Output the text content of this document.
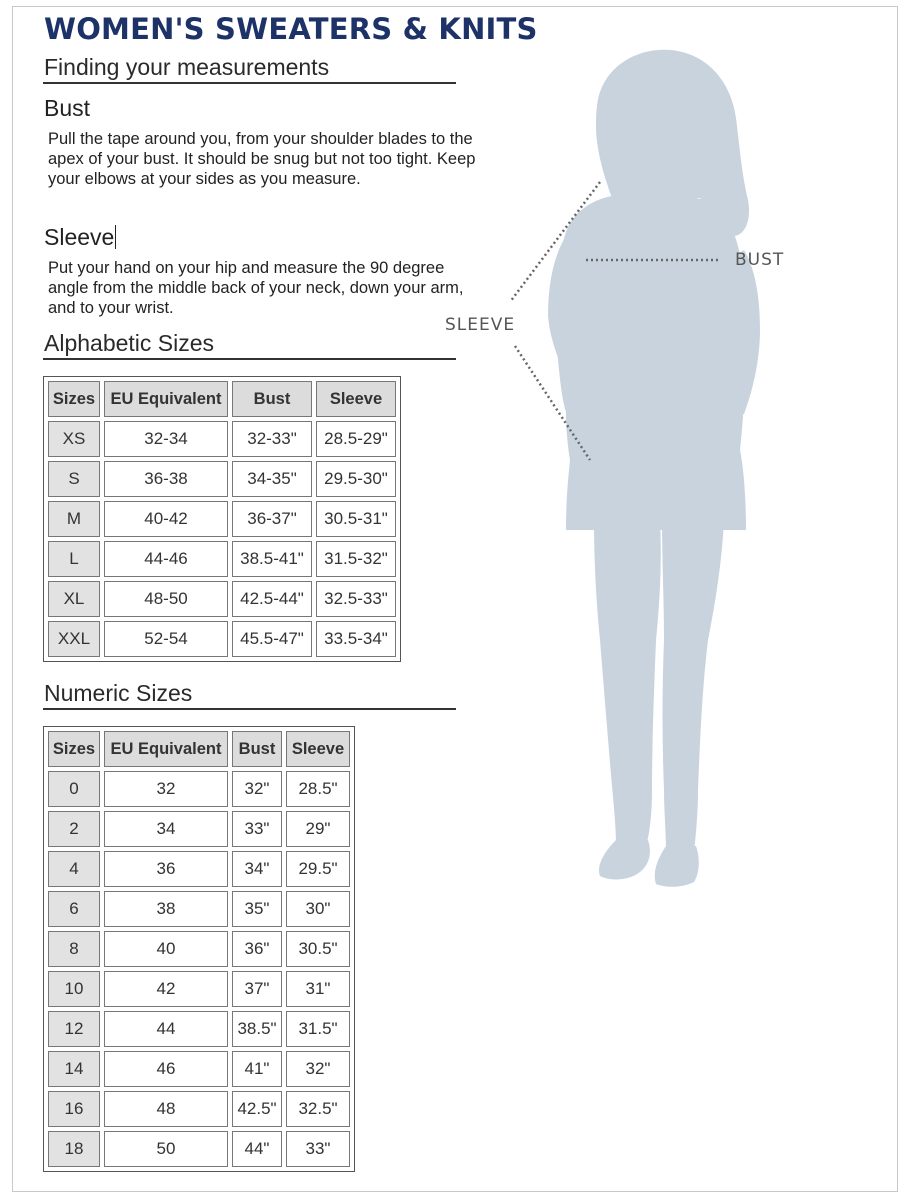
WOMEN'S SWEATERS & KNITS
Finding your measurements
Bust
Pull the tape around you, from your shoulder blades to the apex of your bust. It should be snug but not too tight. Keep your elbows at your sides as you measure.
Sleeve
Put your hand on your hip and measure the 90 degree angle from the middle back of your neck, down your arm, and to your wrist.
Alphabetic Sizes
Sizes	EU Equivalent	Bust	Sleeve
XS	32-34	32-33"	28.5-29"
S	36-38	34-35"	29.5-30"
M	40-42	36-37"	30.5-31"
L	44-46	38.5-41"	31.5-32"
XL	48-50	42.5-44"	32.5-33"
XXL	52-54	45.5-47"	33.5-34"
Numeric Sizes
Sizes	EU Equivalent	Bust	Sleeve
0	32	32"	28.5"
2	34	33"	29"
4	36	34"	29.5"
6	38	35"	30"
8	40	36"	30.5"
10	42	37"	31"
12	44	38.5"	31.5"
14	46	41"	32"
16	48	42.5"	32.5"
18	50	44"	33"
BUST
SLEEVE
